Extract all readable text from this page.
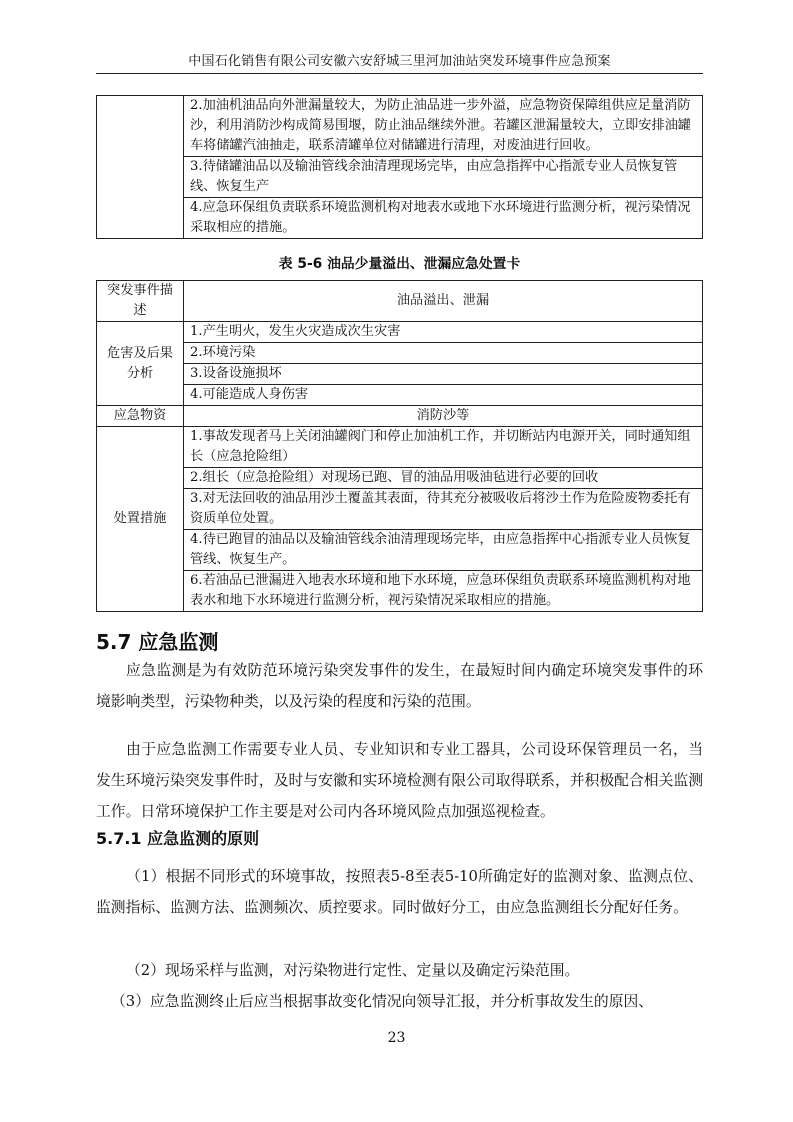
中国石化销售有限公司安徽六安舒城三里河加油站突发环境事件应急预案
	2.加油机油品向外泄漏量较大，为防止油品进一步外溢，应急物资保障组供应足量消防沙，利用消防沙构成简易围堰，防止油品继续外泄。若罐区泄漏量较大，立即安排油罐车将储罐汽油抽走，联系清罐单位对储罐进行清理，对废油进行回收。
3.待储罐油品以及输油管线余油清理现场完毕，由应急指挥中心指派专业人员恢复管线、恢复生产
4.应急环保组负责联系环境监测机构对地表水或地下水环境进行监测分析，视污染情况采取相应的措施。
表 5-6 油品少量溢出、泄漏应急处置卡
突发事件描述	油品溢出、泄漏
危害及后果分析	1.产生明火，发生火灾造成次生灾害
	2.环境污染
	3.设备设施损坏
	4.可能造成人身伤害
应急物资	消防沙等
处置措施	1.事故发现者马上关闭油罐阀门和停止加油机工作，并切断站内电源开关，同时通知组长（应急抢险组）
	2.组长（应急抢险组）对现场已跑、冒的油品用吸油毡进行必要的回收
	3.对无法回收的油品用沙土覆盖其表面，待其充分被吸收后将沙土作为危险废物委托有资质单位处置。
	4.待已跑冒的油品以及输油管线余油清理现场完毕，由应急指挥中心指派专业人员恢复管线、恢复生产。
	6.若油品已泄漏进入地表水环境和地下水环境，应急环保组负责联系环境监测机构对地表水和地下水环境进行监测分析，视污染情况采取相应的措施。
5.7 应急监测

应急监测是为有效防范环境污染突发事件的发生，在最短时间内确定环境突发事件的环境影响类型，污染物种类，以及污染的程度和污染的范围。

由于应急监测工作需要专业人员、专业知识和专业工器具，公司设环保管理员一名，当发生环境污染突发事件时，及时与安徽和实环境检测有限公司取得联系，并积极配合相关监测工作。日常环境保护工作主要是对公司内各环境风险点加强巡视检查。

5.7.1 应急监测的原则

（1）根据不同形式的环境事故，按照表5-8至表5-10所确定好的监测对象、监测点位、监测指标、监测方法、监测频次、质控要求。同时做好分工，由应急监测组长分配好任务。

（2）现场采样与监测，对污染物进行定性、定量以及确定污染范围。

（3）应急监测终止后应当根据事故变化情况向领导汇报，并分析事故发生的原因、

23
